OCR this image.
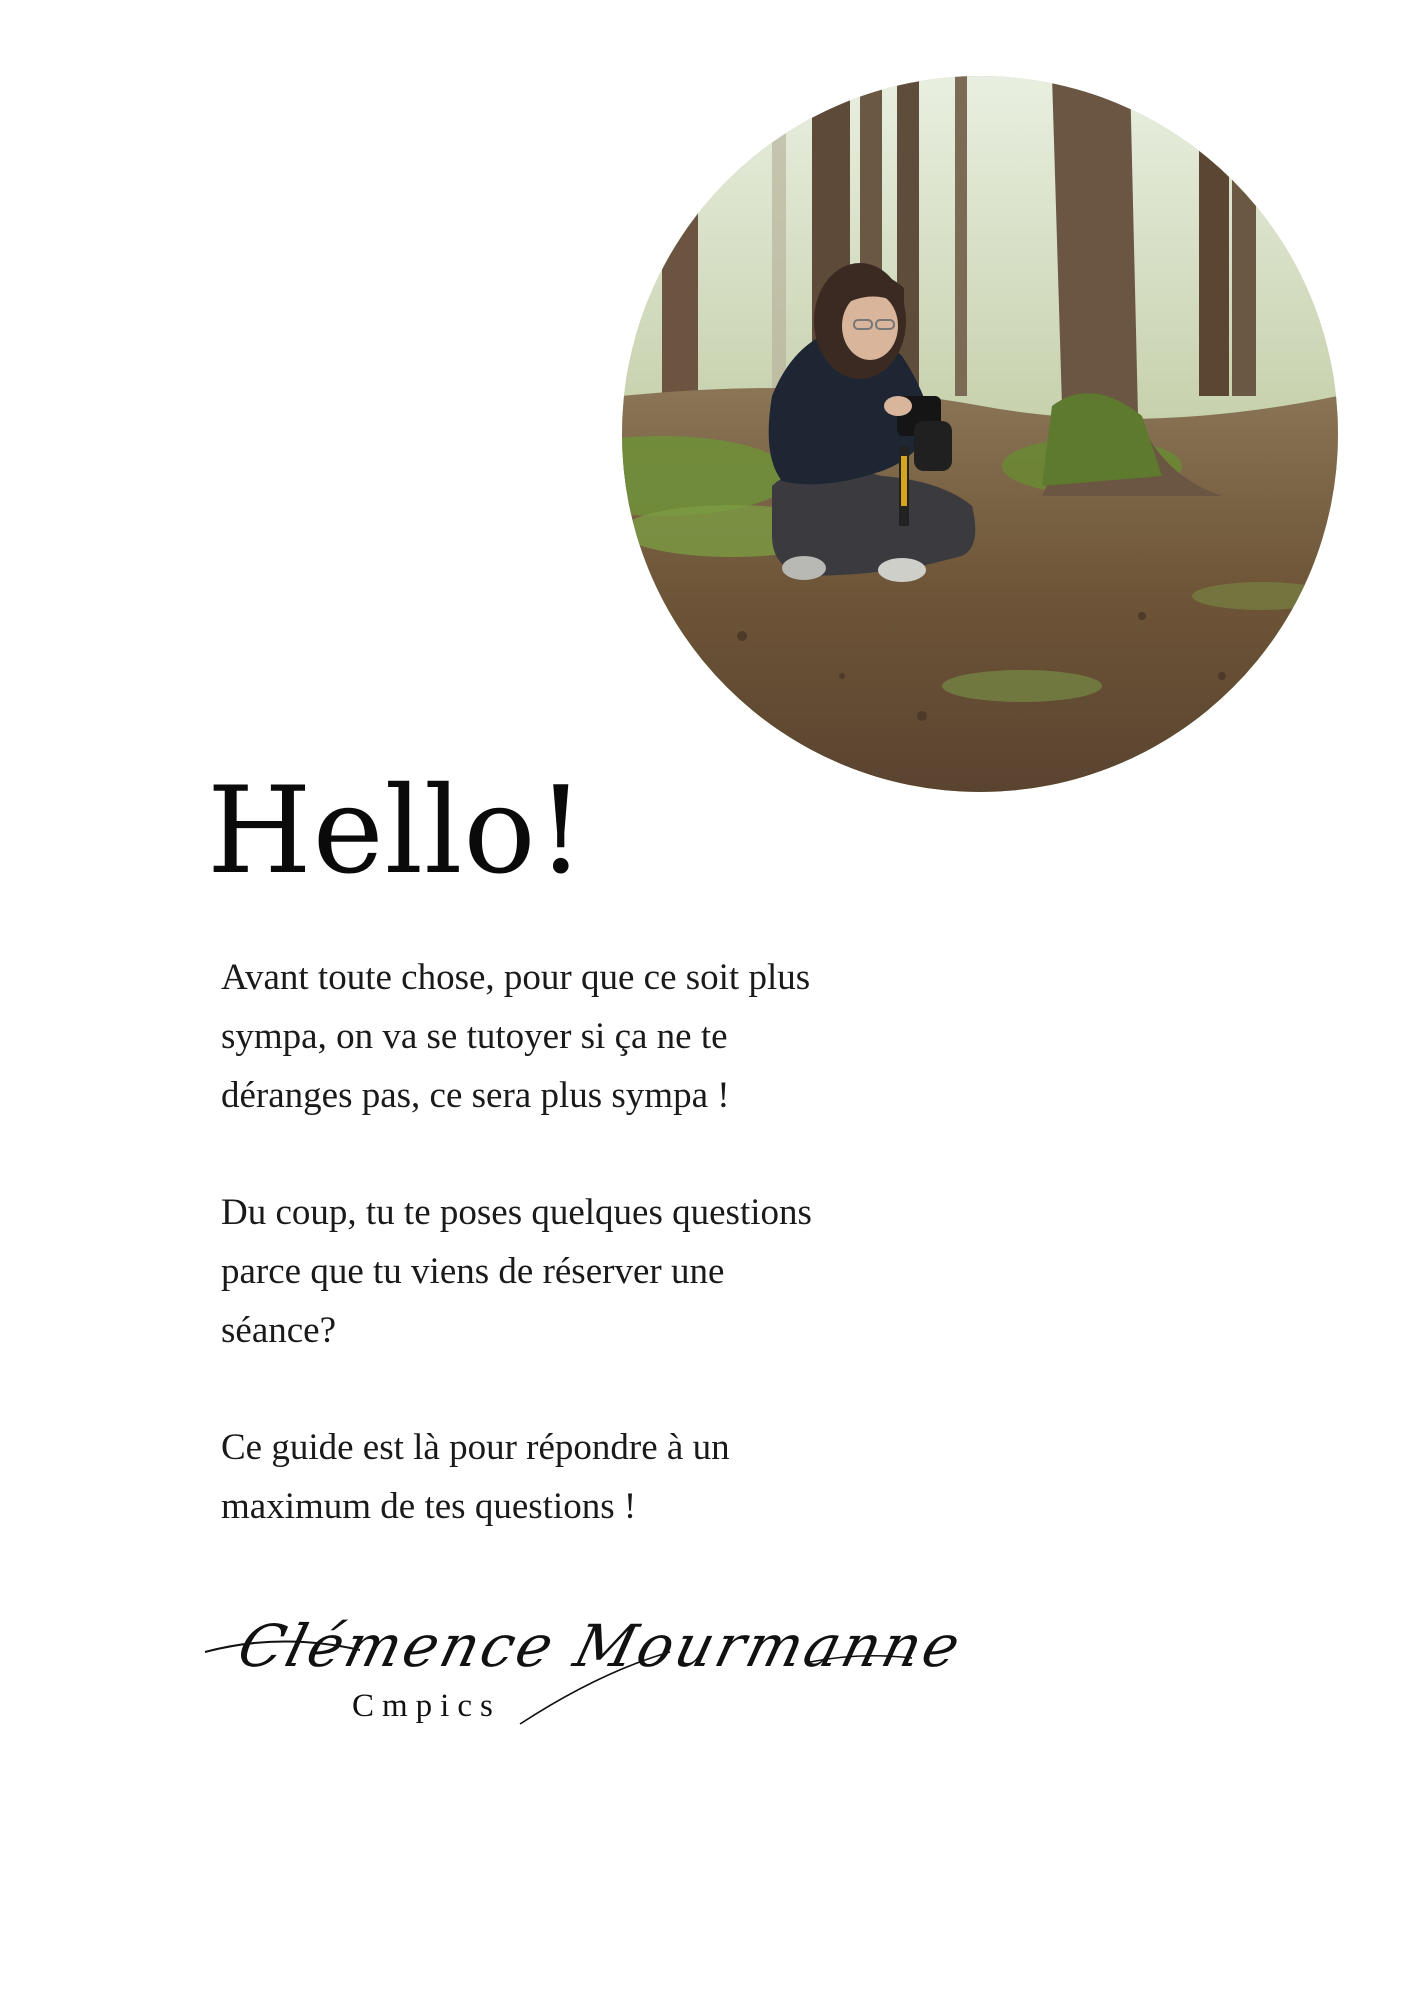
Hello!

Avant toute chose, pour que ce soit plus
sympa, on va se tutoyer si ça ne te
déranges pas, ce sera plus sympa !

Du coup, tu te poses quelques questions
parce que tu viens de réserver une
séance?

Ce guide est là pour répondre à un
maximum de tes questions !

Clémence Mourmanne
Cmpics
